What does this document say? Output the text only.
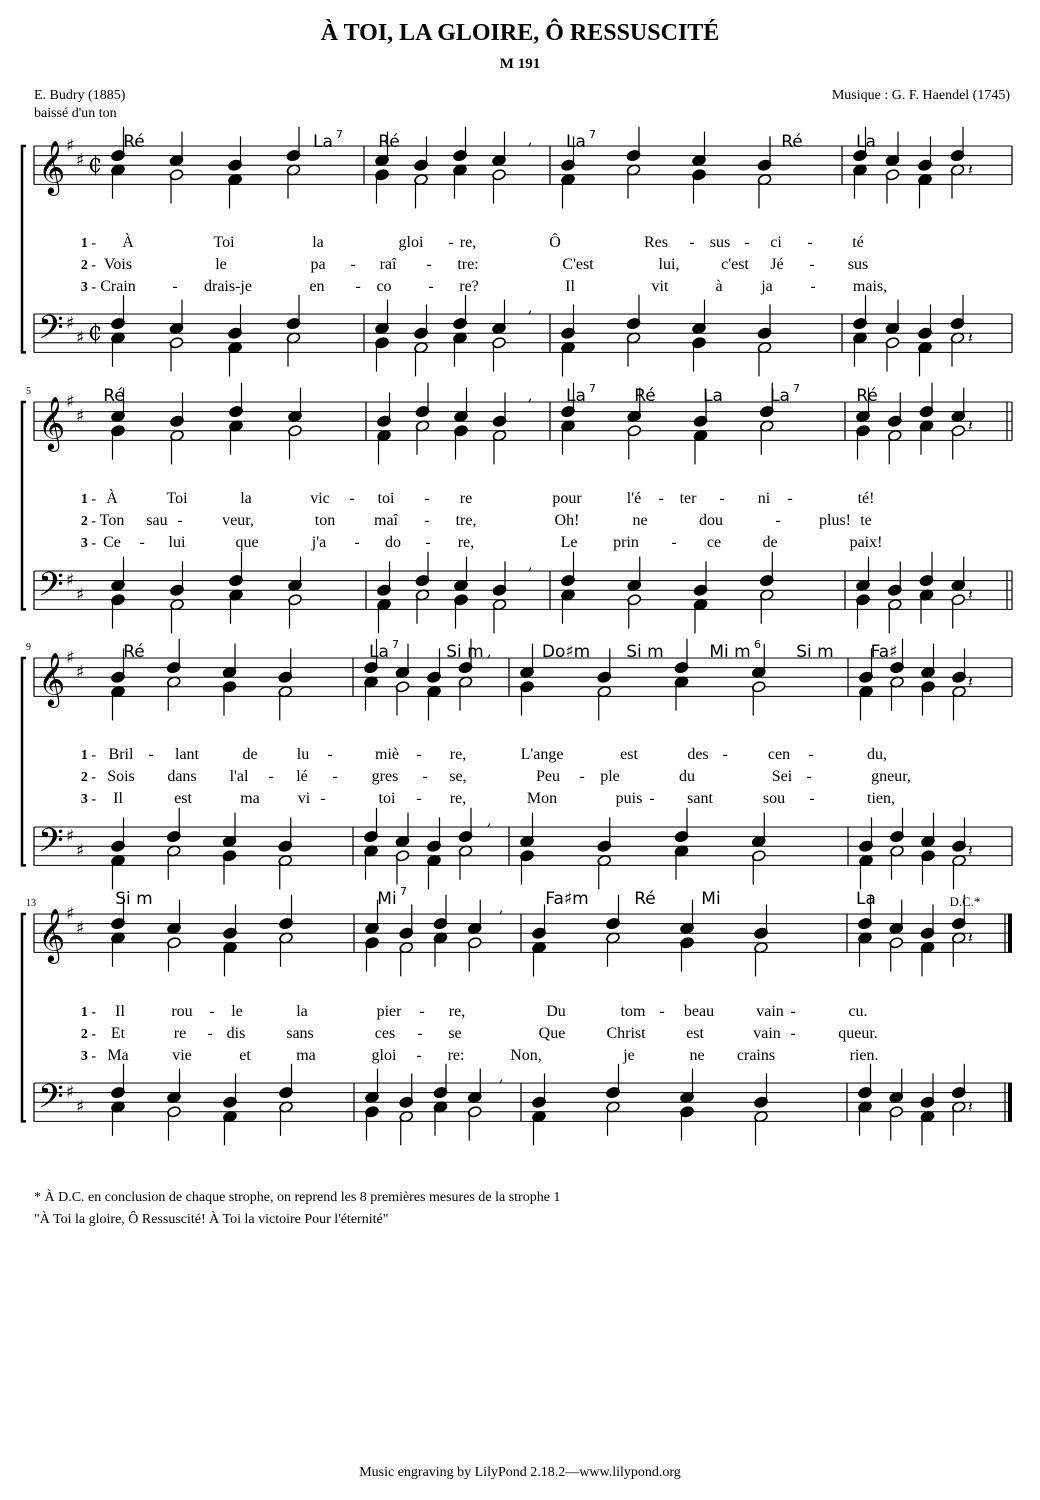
À TOI, LA GLOIRE, Ô RESSUSCITÉ
M 191
E. Budry (1885)
baissé d'un ton
Musique : G. F. Haendel (1745)
𝄞 ♯
♯ ₵
,
𝄽
𝄢 ♯
♯ ₵
,
𝄽
Ré	La 7 Ré	La 7	Ré	La
1 - À	Toi	la	gloi - re,	Ô	Res - sus - ci - té
2 - Vois	le	pa - raî - tre:	C'est	lui,	c'est Jé - sus
3 - Crain - drais-je	en - co - re?	Il	vit	à ja - mais,
𝄞 ♯
♯
,
𝄽
𝄢 ♯
♯
,
𝄽
5	Ré	La 7 Ré	La	La 7	Ré
1 - À	Toi	la	vic - toi - re	pour	l'é - ter - ni -	té!
2 - Ton sau - veur,	ton maî - tre,	Oh!	ne	dou	-	te
plus!
3 - Ce - lui	que	j'a - do - re,	Le prin - ce	de	paix!
𝄞 ♯
♯
,
𝄽
𝄢 ♯
♯
,
𝄽
9	Ré	La 7	Si m	Do♯m Si m	Mi m 6 Si m Fa♯
1 - Bril - lant	de lu -	miè - re,	L'ange	est	des -	cen -	du,
2 - Sois dans l'al - lé - gres - se,	Peu - ple	du	Sei -	gneur,
3 - Il	est	ma vi -	toi - re,	Mon	puis - sant	sou -	tien,
𝄞 ♯
♯
,
𝄽
𝄢 ♯
♯
,
𝄽
13	Si m	Mi 7	Fa♯m	Ré	Mi	La
1 - Il	rou - le	la	pier - re,	Du	tom - beau	vain -	cu.
2 - Et	re - dis	sans	ces - se	Que	Christ	est	vain -	queur.
3 - Ma	vie	et	ma	gloi - re:	Non,	je	ne crains	rien.
D.C.*
* À D.C. en conclusion de chaque strophe, on reprend les 8 premières mesures de la strophe 1
"À Toi la gloire, Ô Ressuscité! À Toi la victoire Pour l'éternité"
Music engraving by LilyPond 2.18.2—www.lilypond.org
